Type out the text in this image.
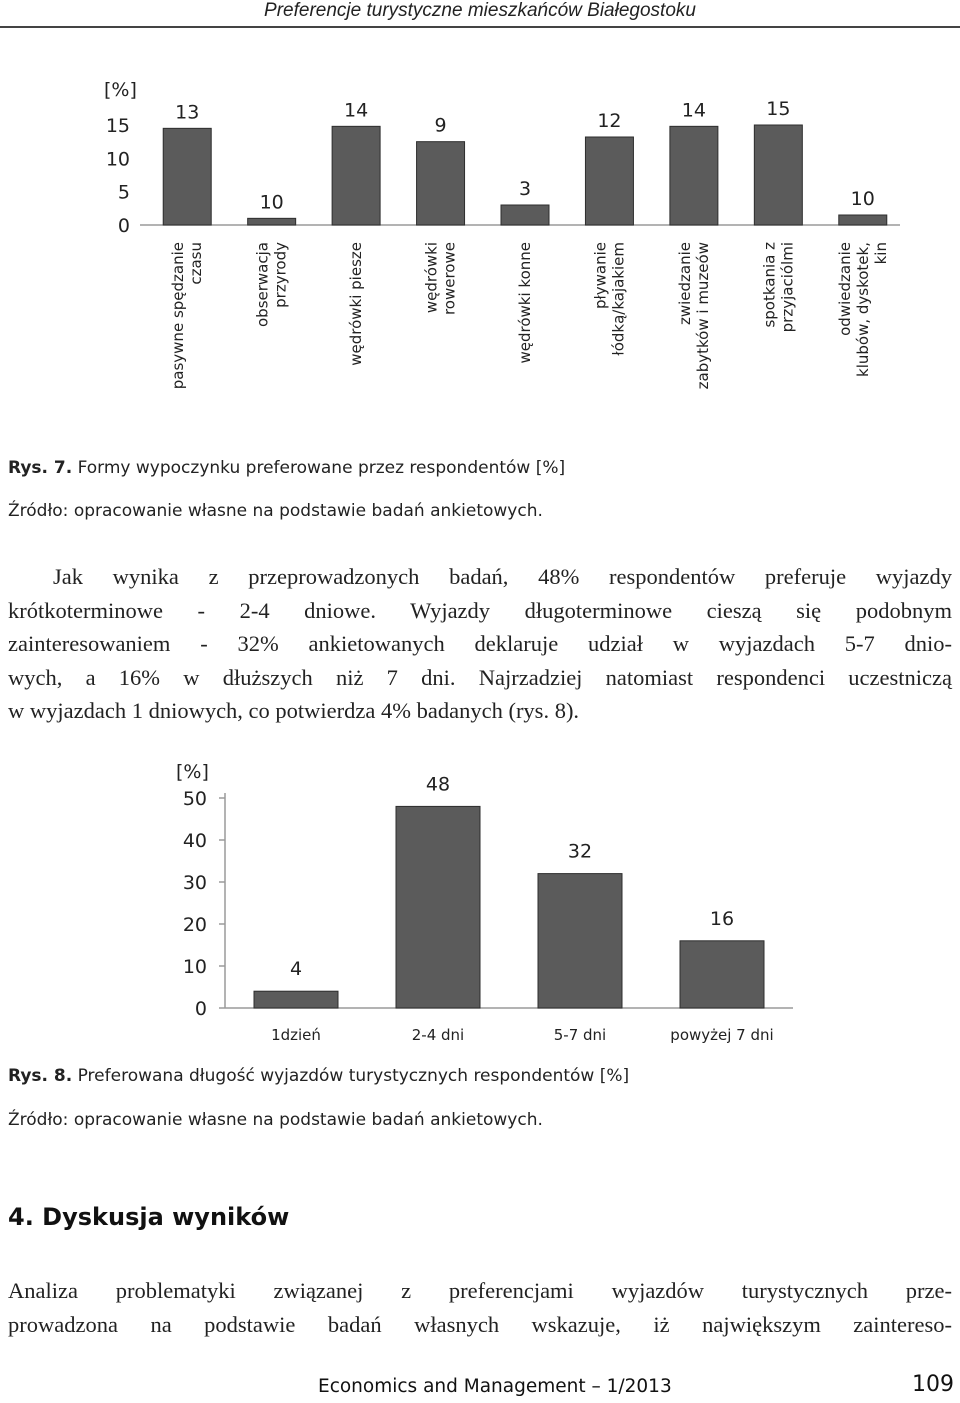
Preferencje turystyczne mieszkańców Białegostoku
13
10
14
9
3
12	14	15
10
[%]
0
5
10
15
pasywne spędzanie czasu	obserwacja przyrody	wędrówki piesze	wędrówki rowerowe	wędrówki konne	pływanie łódką/kajakiem	zwiedzanie zabytków i muzeów	spotkania z przyjaciólmi	odwiedzanie klubów, dyskotek, kin
Rys. 7. Formy wypoczynku preferowane przez respondentów [%]
Źródło: opracowanie własne na podstawie badań ankietowych.
Jak wynika z przeprowadzonych badań, 48% respondentów preferuje wyjazdy
krótkoterminowe - 2-4 dniowe. Wyjazdy długoterminowe cieszą się podobnym
zainteresowaniem - 32% ankietowanych deklaruje udział w wyjazdach 5-7 dnio-
wych, a 16% w dłuższych niż 7 dni. Najrzadziej natomiast respondenci uczestniczą
w wyjazdach 1 dniowych, co potwierdza 4% badanych (rys. 8).
4
48
32
16
[%]
0
10
20
30
40
50
1dzień	2-4 dni	5-7 dni	powyżej 7 dni
Rys. 8. Preferowana długość wyjazdów turystycznych respondentów [%]
Źródło: opracowanie własne na podstawie badań ankietowych.
4. Dyskusja wyników
Analiza problematyki związanej z preferencjami wyjazdów turystycznych prze-
prowadzona na podstawie badań własnych wskazuje, iż największym zaintereso-
Economics and Management – 1/2013	109
